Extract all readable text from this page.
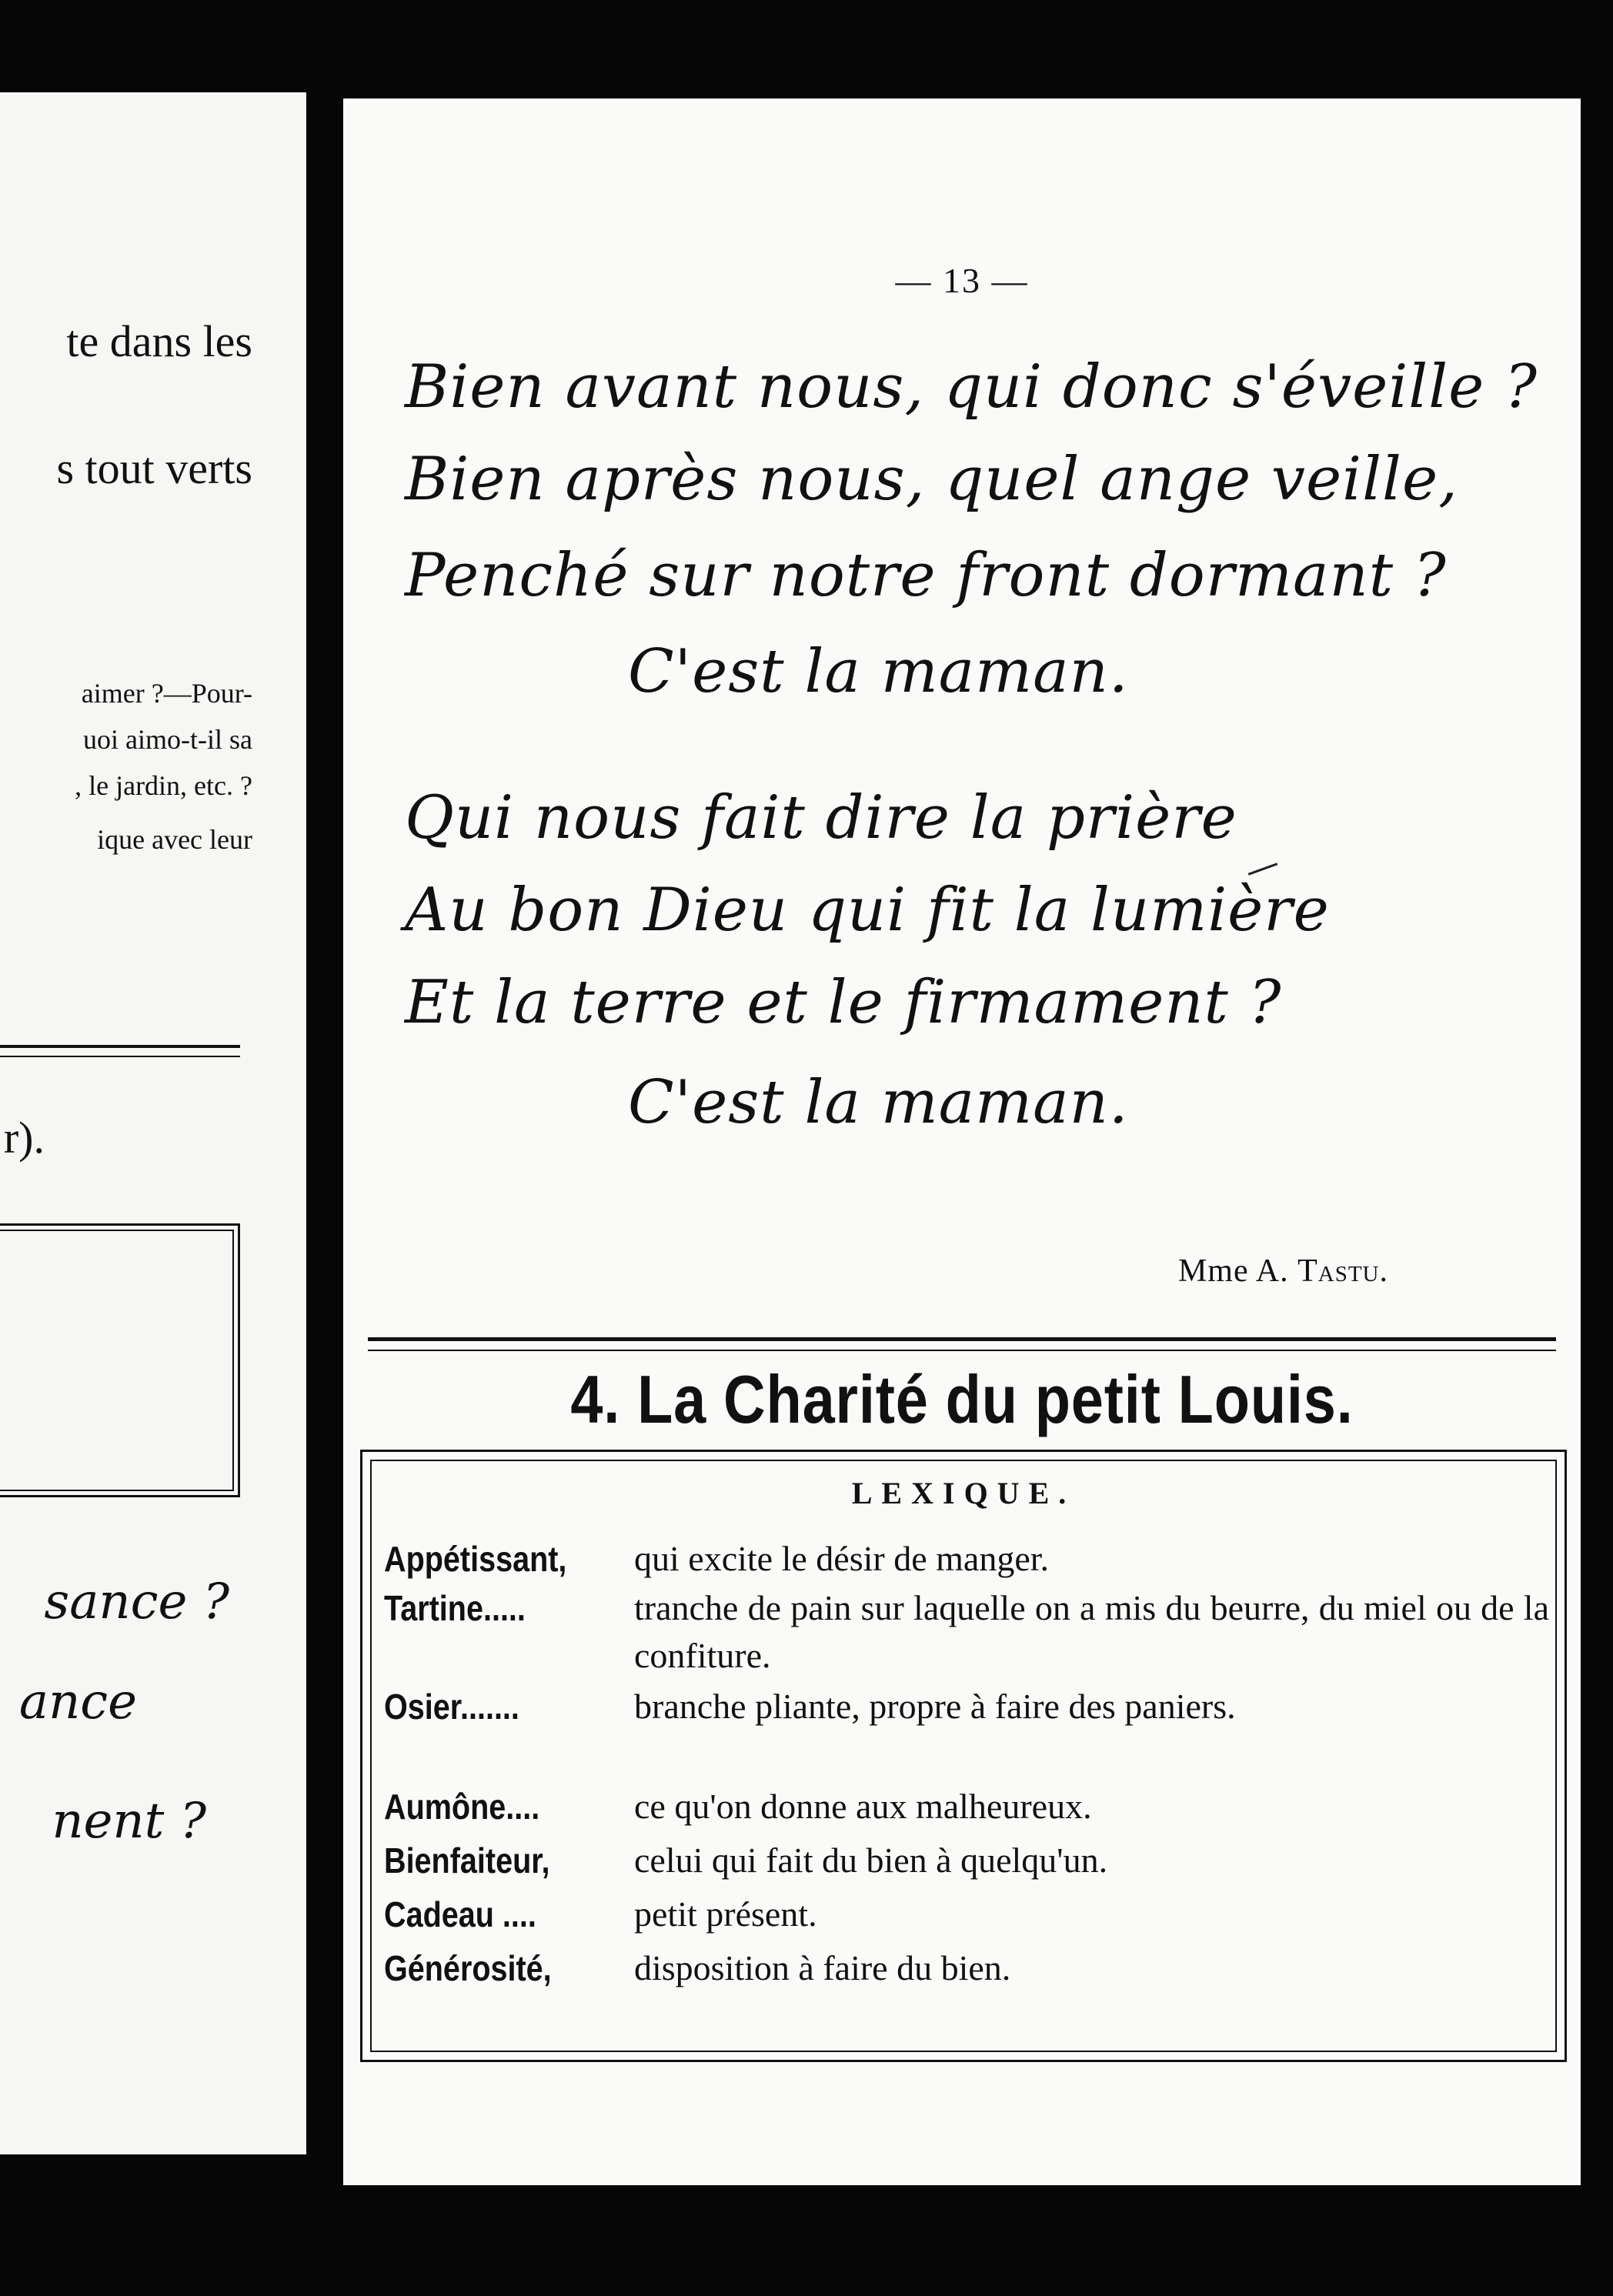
te dans les
s tout verts
aimer ?—Pour-
uoi aimo-t-il sa
, le jardin, etc. ?
ique avec leur
r).
sance ?
ance
nent ?
— 13 —
Bien avant nous, qui donc s'éveille ?
Bien après nous, quel ange veille,
Penché sur notre front dormant ?
C'est la maman.
Qui nous fait dire la prière
Au bon Dieu qui fit la lumière
Et la terre et le firmament ?
C'est la maman.
Mme A. Tastu.
4. La Charité du petit Louis.
LEXIQUE.
Appétissant,	qui excite le désir de manger.
Tartine.....	tranche de pain sur laquelle on a mis du beurre, du miel ou de la confiture.
Osier.......	branche pliante, propre à faire des paniers.
Aumône....	ce qu'on donne aux malheureux.
Bienfaiteur,	celui qui fait du bien à quelqu'un.
Cadeau ....	petit présent.
Générosité,	disposition à faire du bien.
